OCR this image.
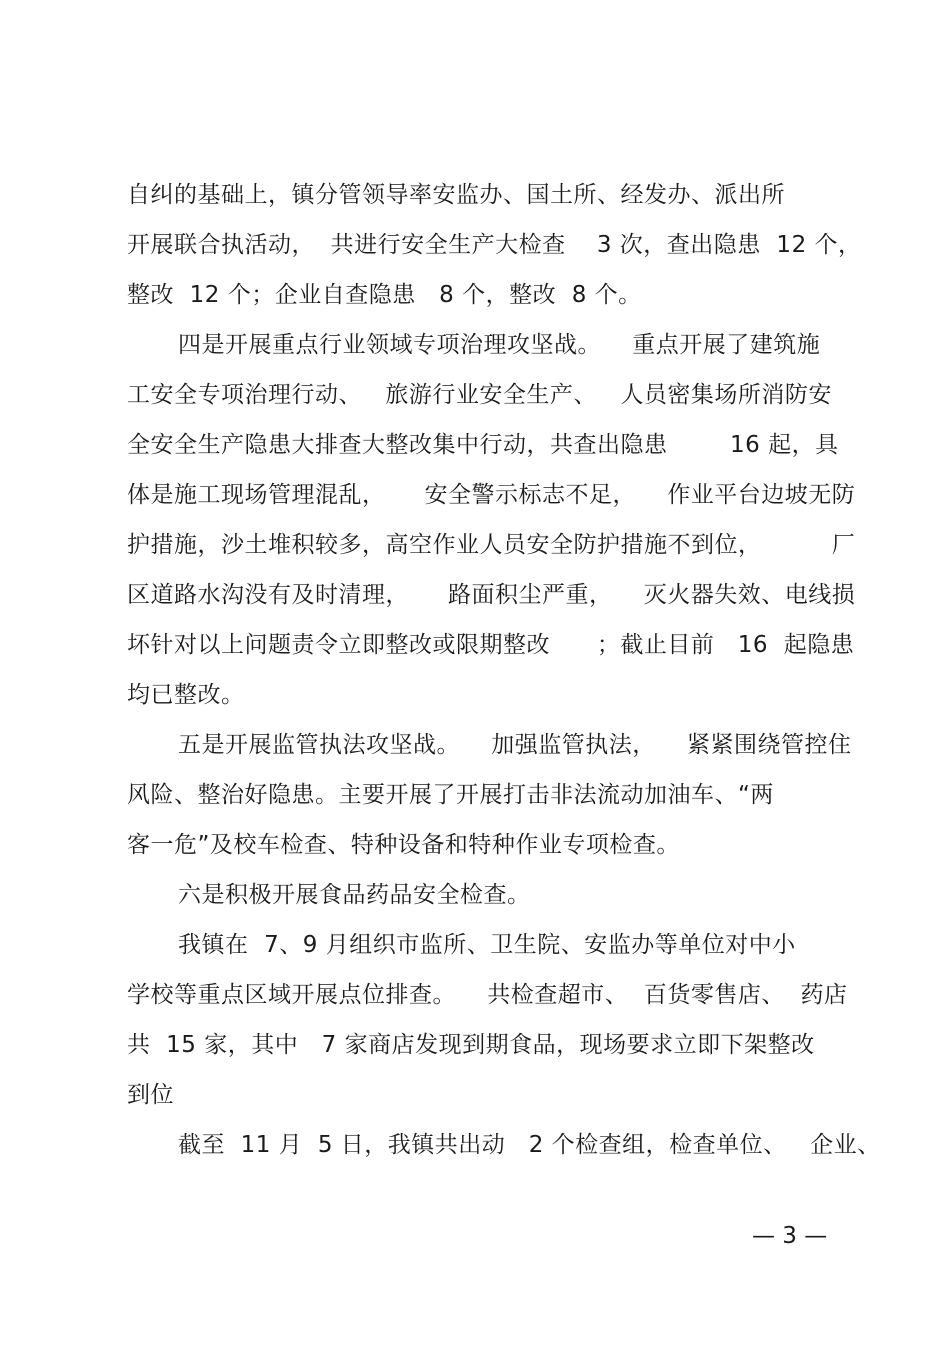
自纠的基础上，镇分管领导率安监办、国土所、经发办、派出所
开展联合执活动，  共进行安全生产大检查    3 次，查出隐患  12 个，
整改  12 个；企业自查隐患   8 个，整改  8 个。
四是开展重点行业领域专项治理攻坚战。    重点开展了建筑施
工安全专项治理行动、   旅游行业安全生产、   人员密集场所消防安
全安全生产隐患大排查大整改集中行动，共查出隐患        16 起，具
体是施工现场管理混乱，     安全警示标志不足，    作业平台边坡无防
护措施，沙土堆积较多，高空作业人员安全防护措施不到位，         厂
区道路水沟没有及时清理，     路面积尘严重，    灭火器失效、电线损
坏针对以上问题责令立即整改或限期整改      ；截止目前   16  起隐患
均已整改。
五是开展监管执法攻坚战。    加强监管执法，    紧紧围绕管控住
风险、整治好隐患。主要开展了开展打击非法流动加油车、“两
客一危”及校车检查、特种设备和特种作业专项检查。
六是积极开展食品药品安全检查。
我镇在  7、9 月组织市监所、卫生院、安监办等单位对中小
学校等重点区域开展点位排查。    共检查超市、  百货零售店、  药店
共  15 家，其中   7 家商店发现到期食品，现场要求立即下架整改
到位
截至  11 月  5 日，我镇共出动   2 个检查组，检查单位、   企业、
— 3 —
